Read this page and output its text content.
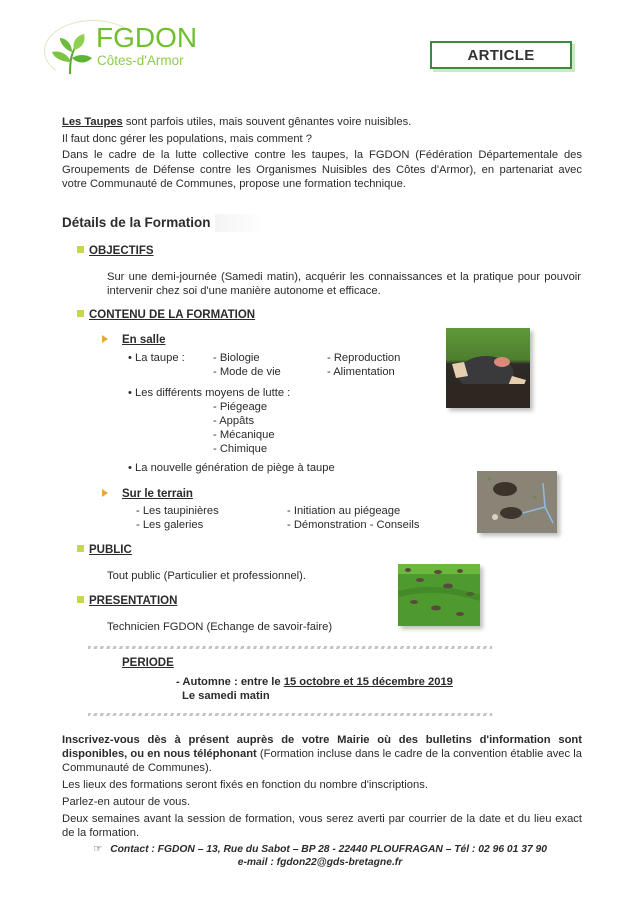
FGDON
Côtes-d'Armor	ARTICLE

Les Taupes sont parfois utiles, mais souvent gênantes voire nuisibles.

Il faut donc gérer les populations, mais comment ?

Dans le cadre de la lutte collective contre les taupes, la FGDON (Fédération Départementale des Groupements de Défense contre les Organismes Nuisibles des Côtes d'Armor), en partenariat avec votre Communauté de Communes, propose une formation technique.

Détails de la Formation
OBJECTIFS
Sur une demi-journée (Samedi matin), acquérir les connaissances et la pratique pour pouvoir intervenir chez soi d'une manière autonome et efficace.
CONTENU DE LA FORMATION
En salle
• La taupe :	- Biologie
- Mode de vie
- Reproduction
- Alimentation
• Les différents moyens de lutte :
- Piégeage
- Appâts
- Mécanique
- Chimique
• La nouvelle génération de piège à taupe
Sur le terrain
- Les taupinières
- Les galeries
- Initiation au piégeage
- Démonstration - Conseils
PUBLIC
Tout public (Particulier et professionnel).
PRESENTATION
Technicien FGDON (Echange de savoir-faire)
PERIODE
- Automne : entre le 15 octobre et 15 décembre 2019
Le samedi matin

Inscrivez-vous dès à présent auprès de votre Mairie où des bulletins d'information sont disponibles, ou en nous téléphonant (Formation incluse dans le cadre de la convention établie avec la Communauté de Communes).

Les lieux des formations seront fixés en fonction du nombre d'inscriptions.

Parlez-en autour de vous.

Deux semaines avant la session de formation, vous serez averti par courrier de la date et du lieu exact de la formation.

☞ Contact : FGDON – 13, Rue du Sabot – BP 28 - 22440 PLOUFRAGAN – Tél : 02 96 01 37 90
e-mail : fgdon22@gds-bretagne.fr
